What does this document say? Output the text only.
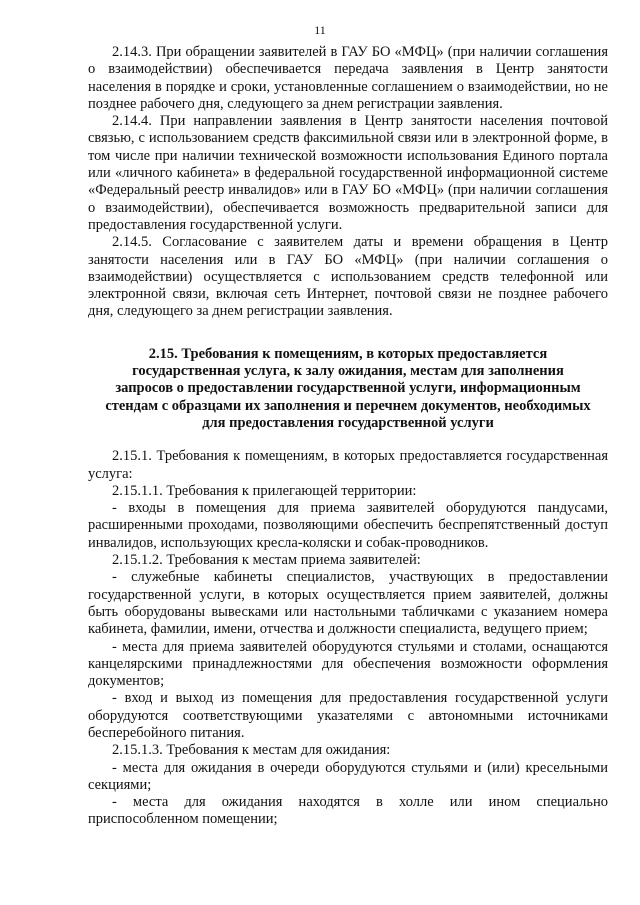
11

2.14.3. При обращении заявителей в ГАУ БО «МФЦ» (при наличии соглашения о взаимодействии) обеспечивается передача заявления в Центр занятости населения в порядке и сроки, установленные соглашением о взаимодействии, но не позднее рабочего дня, следующего за днем регистрации заявления.

2.14.4. При направлении заявления в Центр занятости населения почтовой связью, с использованием средств факсимильной связи или в электронной форме, в том числе при наличии технической возможности использования Единого портала или «личного кабинета» в федеральной государственной информационной системе «Федеральный реестр инвалидов» или в ГАУ БО «МФЦ» (при наличии соглашения о взаимодействии), обеспечивается возможность предварительной записи для предоставления государственной услуги.

2.14.5. Согласование с заявителем даты и времени обращения в Центр занятости населения или в ГАУ БО «МФЦ» (при наличии соглашения о взаимодействии) осуществляется с использованием средств телефонной или электронной связи, включая сеть Интернет, почтовой связи не позднее рабочего дня, следующего за днем регистрации заявления.

2.15. Требования к помещениям, в которых предоставляется государственная услуга, к залу ожидания, местам для заполнения запросов о предоставлении государственной услуги, информационным стендам с образцами их заполнения и перечнем документов, необходимых для предоставления государственной услуги

2.15.1. Требования к помещениям, в которых предоставляется государственная услуга:

2.15.1.1. Требования к прилегающей территории:

- входы в помещения для приема заявителей оборудуются пандусами, расширенными проходами, позволяющими обеспечить беспрепятственный доступ инвалидов, использующих кресла-коляски и собак-проводников.

2.15.1.2. Требования к местам приема заявителей:

- служебные кабинеты специалистов, участвующих в предоставлении государственной услуги, в которых осуществляется прием заявителей, должны быть оборудованы вывесками или настольными табличками с указанием номера кабинета, фамилии, имени, отчества и должности специалиста, ведущего прием;

- места для приема заявителей оборудуются стульями и столами, оснащаются канцелярскими принадлежностями для обеспечения возможности оформления документов;

- вход и выход из помещения для предоставления государственной услуги оборудуются соответствующими указателями с автономными источниками бесперебойного питания.

2.15.1.3. Требования к местам для ожидания:

- места для ожидания в очереди оборудуются стульями и (или) кресельными секциями;

- места для ожидания находятся в холле или ином специально приспособленном помещении;
